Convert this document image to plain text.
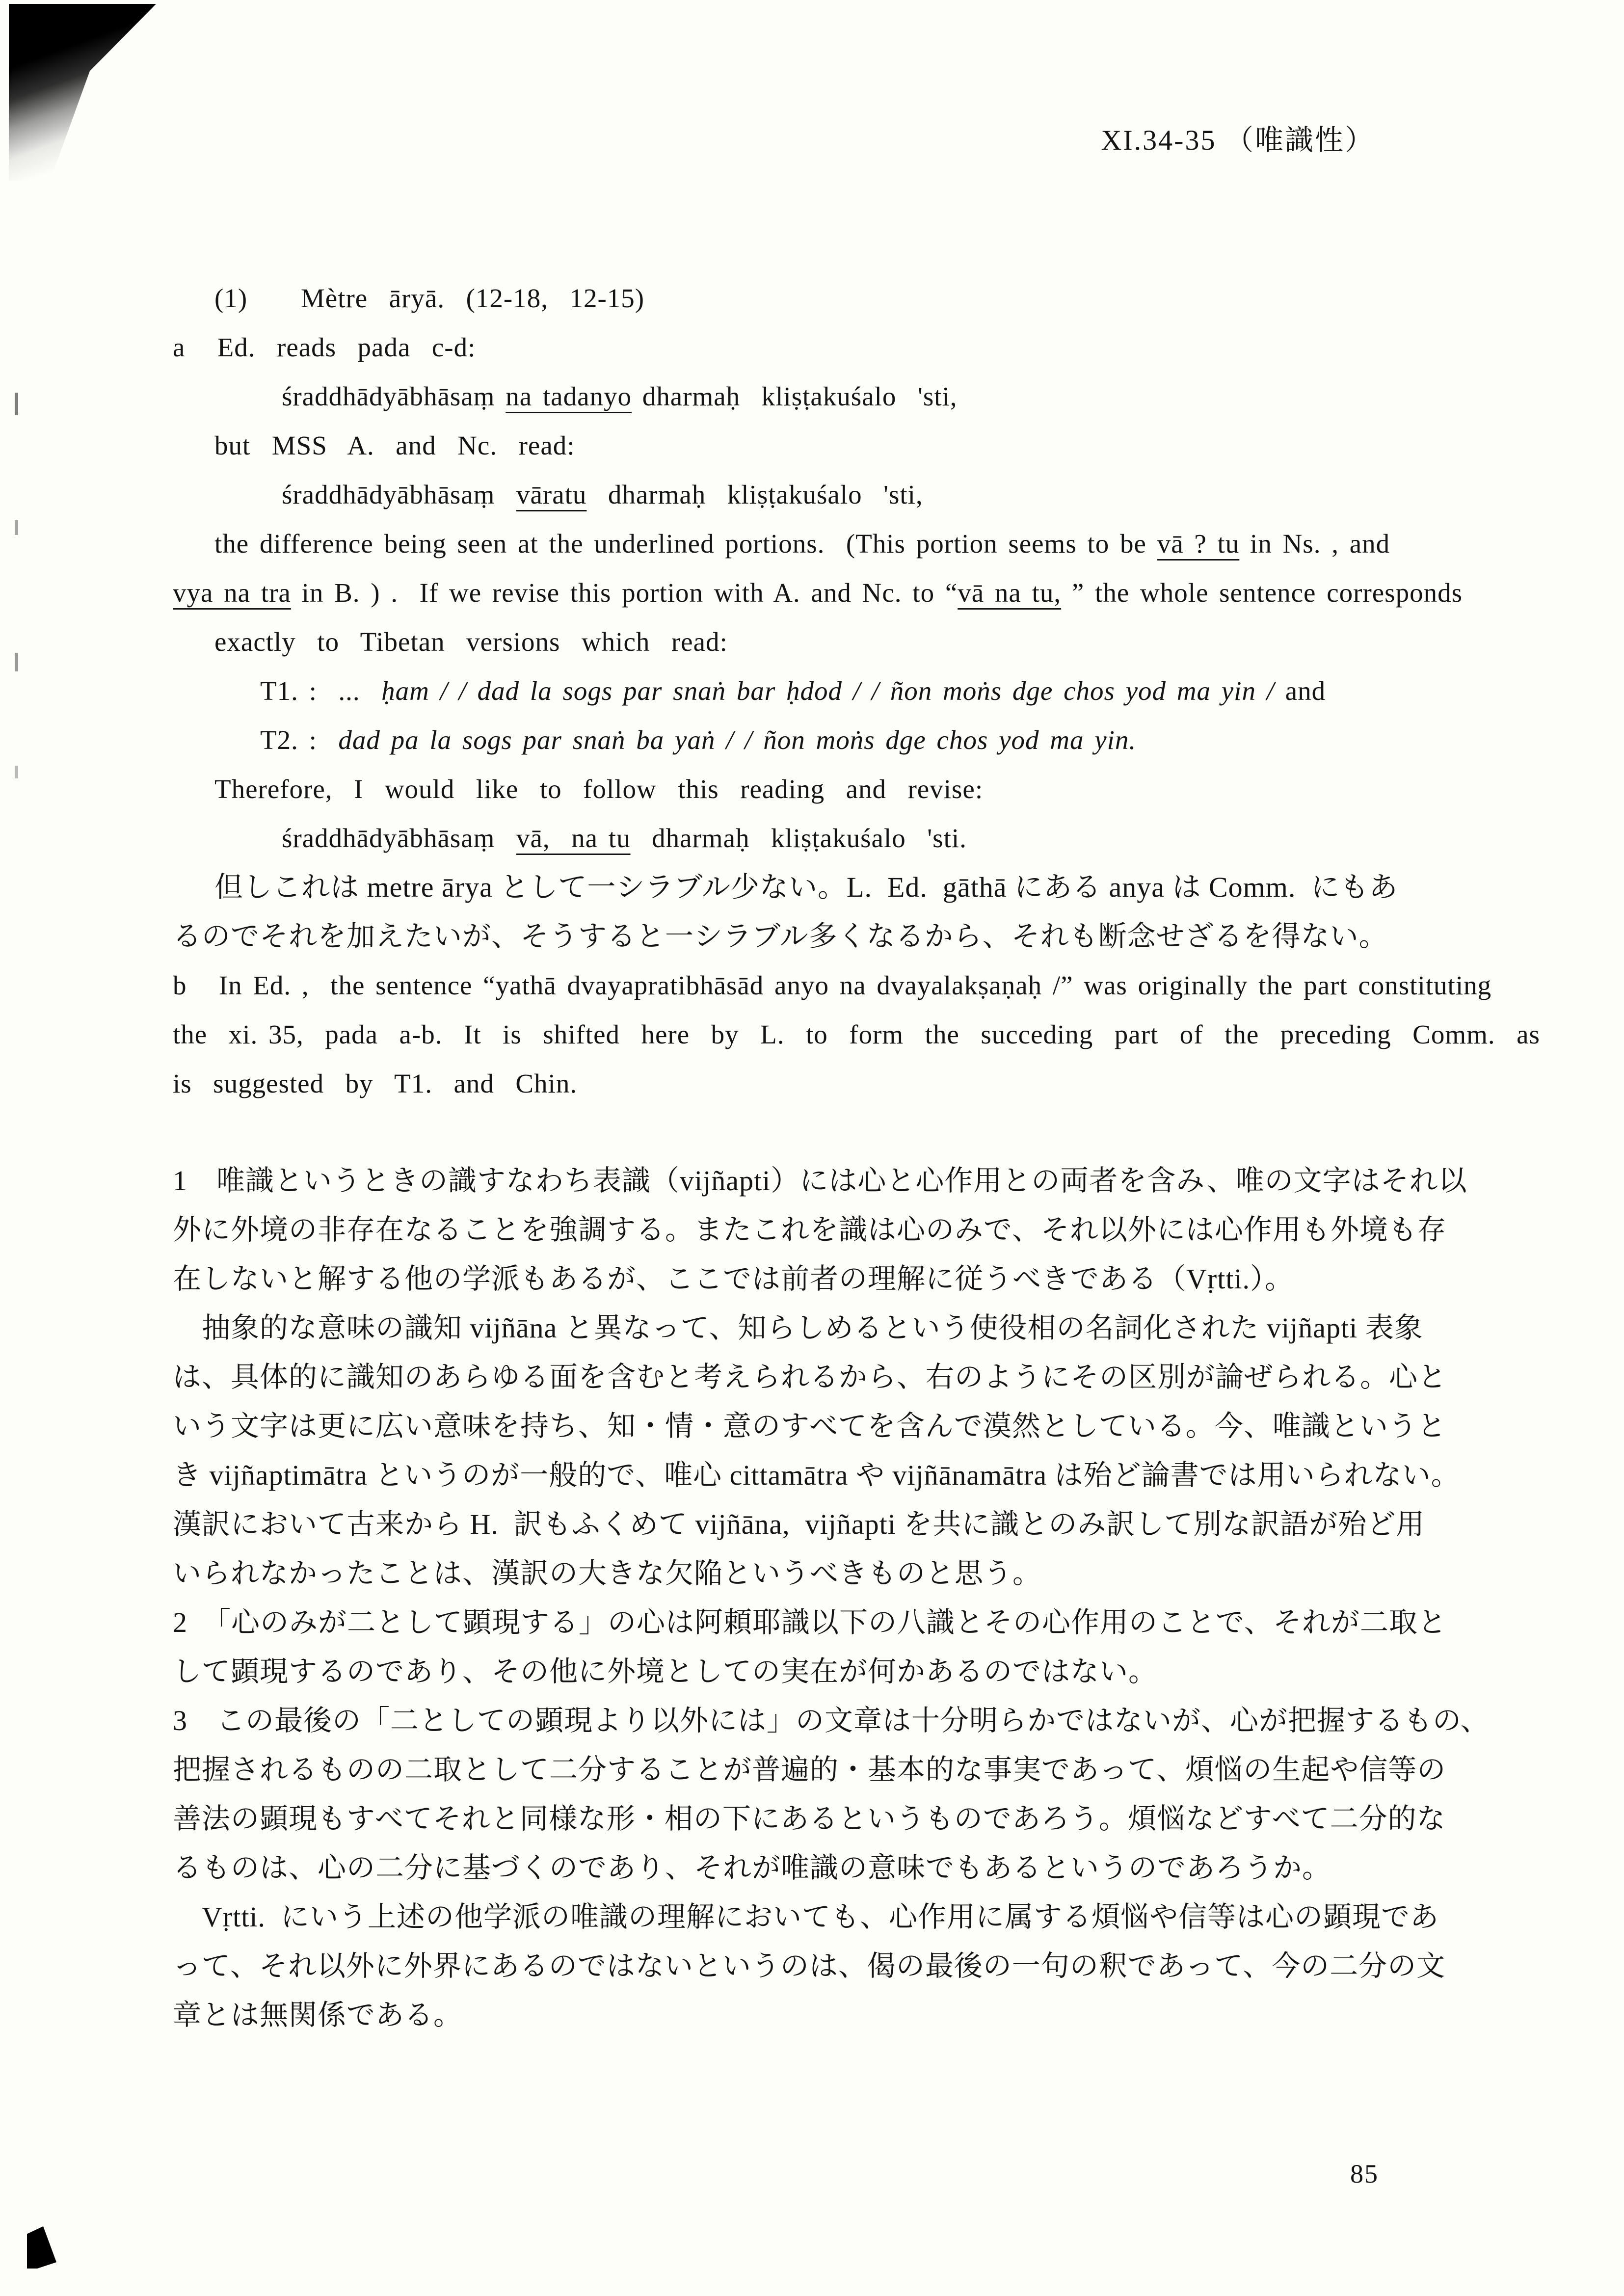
XI.34-35 （唯識性）
(1)     Mètre  āryā.  (12-18,  12-15)
a   Ed.  reads  pada  c-d:
śraddhādyābhāsaṃ na tadanyo dharmaḥ  kliṣṭakuśalo  'sti,
but  MSS  A.  and  Nc.  read:
śraddhādyābhāsaṃ  vāratu  dharmaḥ  kliṣṭakuśalo  'sti,
the difference being seen at the underlined portions.  (This portion seems to be vā ? tu in Ns. , and
vya na tra in B. ) .  If we revise this portion with A. and Nc. to “vā na tu, ” the whole sentence corresponds
exactly  to  Tibetan  versions  which  read:
T1. :  ...  ḥam / / dad la sogs par snaṅ bar ḥdod / / ñon moṅs dge chos yod ma yin / and
T2. :  dad pa la sogs par snaṅ ba yaṅ / / ñon moṅs dge chos yod ma yin.
Therefore,  I  would  like  to  follow  this  reading  and  revise:
śraddhādyābhāsaṃ  vā,  na tu  dharmaḥ  kliṣṭakuśalo  'sti.
但しこれは metre ārya として一シラブル少ない。L.  Ed.  gāthā にある anya は Comm.  にもあ
るのでそれを加えたいが、そうすると一シラブル多くなるから、それも断念せざるを得ない。
b   In Ed. ,  the sentence “yathā dvayapratibhāsād anyo na dvayalakṣaṇaḥ /” was originally the part constituting
the  xi. 35,  pada  a-b.  It  is  shifted  here  by  L.  to  form  the  succeding  part  of  the  preceding  Comm.  as
is  suggested  by  T1.  and  Chin.
1　唯識というときの識すなわち表識（vijñapti）には心と心作用との両者を含み、唯の文字はそれ以
外に外境の非存在なることを強調する。またこれを識は心のみで、それ以外には心作用も外境も存
在しないと解する他の学派もあるが、ここでは前者の理解に従うべきである（Vṛtti.）。
　抽象的な意味の識知 vijñāna と異なって、知らしめるという使役相の名詞化された vijñapti 表象
は、具体的に識知のあらゆる面を含むと考えられるから、右のようにその区別が論ぜられる。心と
いう文字は更に広い意味を持ち、知・情・意のすべてを含んで漠然としている。今、唯識というと
き vijñaptimātra というのが一般的で、唯心 cittamātra や vijñānamātra は殆ど論書では用いられない。
漢訳において古来から H.  訳もふくめて vijñāna,  vijñapti を共に識とのみ訳して別な訳語が殆ど用
いられなかったことは、漢訳の大きな欠陥というべきものと思う。
2　「心のみが二として顕現する」の心は阿頼耶識以下の八識とその心作用のことで、それが二取と
して顕現するのであり、その他に外境としての実在が何かあるのではない。
3　この最後の「二としての顕現より以外には」の文章は十分明らかではないが、心が把握するもの、
把握されるものの二取として二分することが普遍的・基本的な事実であって、煩悩の生起や信等の
善法の顕現もすべてそれと同様な形・相の下にあるというものであろう。煩悩などすべて二分的な
るものは、心の二分に基づくのであり、それが唯識の意味でもあるというのであろうか。
　Vṛtti.  にいう上述の他学派の唯識の理解においても、心作用に属する煩悩や信等は心の顕現であ
って、それ以外に外界にあるのではないというのは、偈の最後の一句の釈であって、今の二分の文
章とは無関係である。
85
